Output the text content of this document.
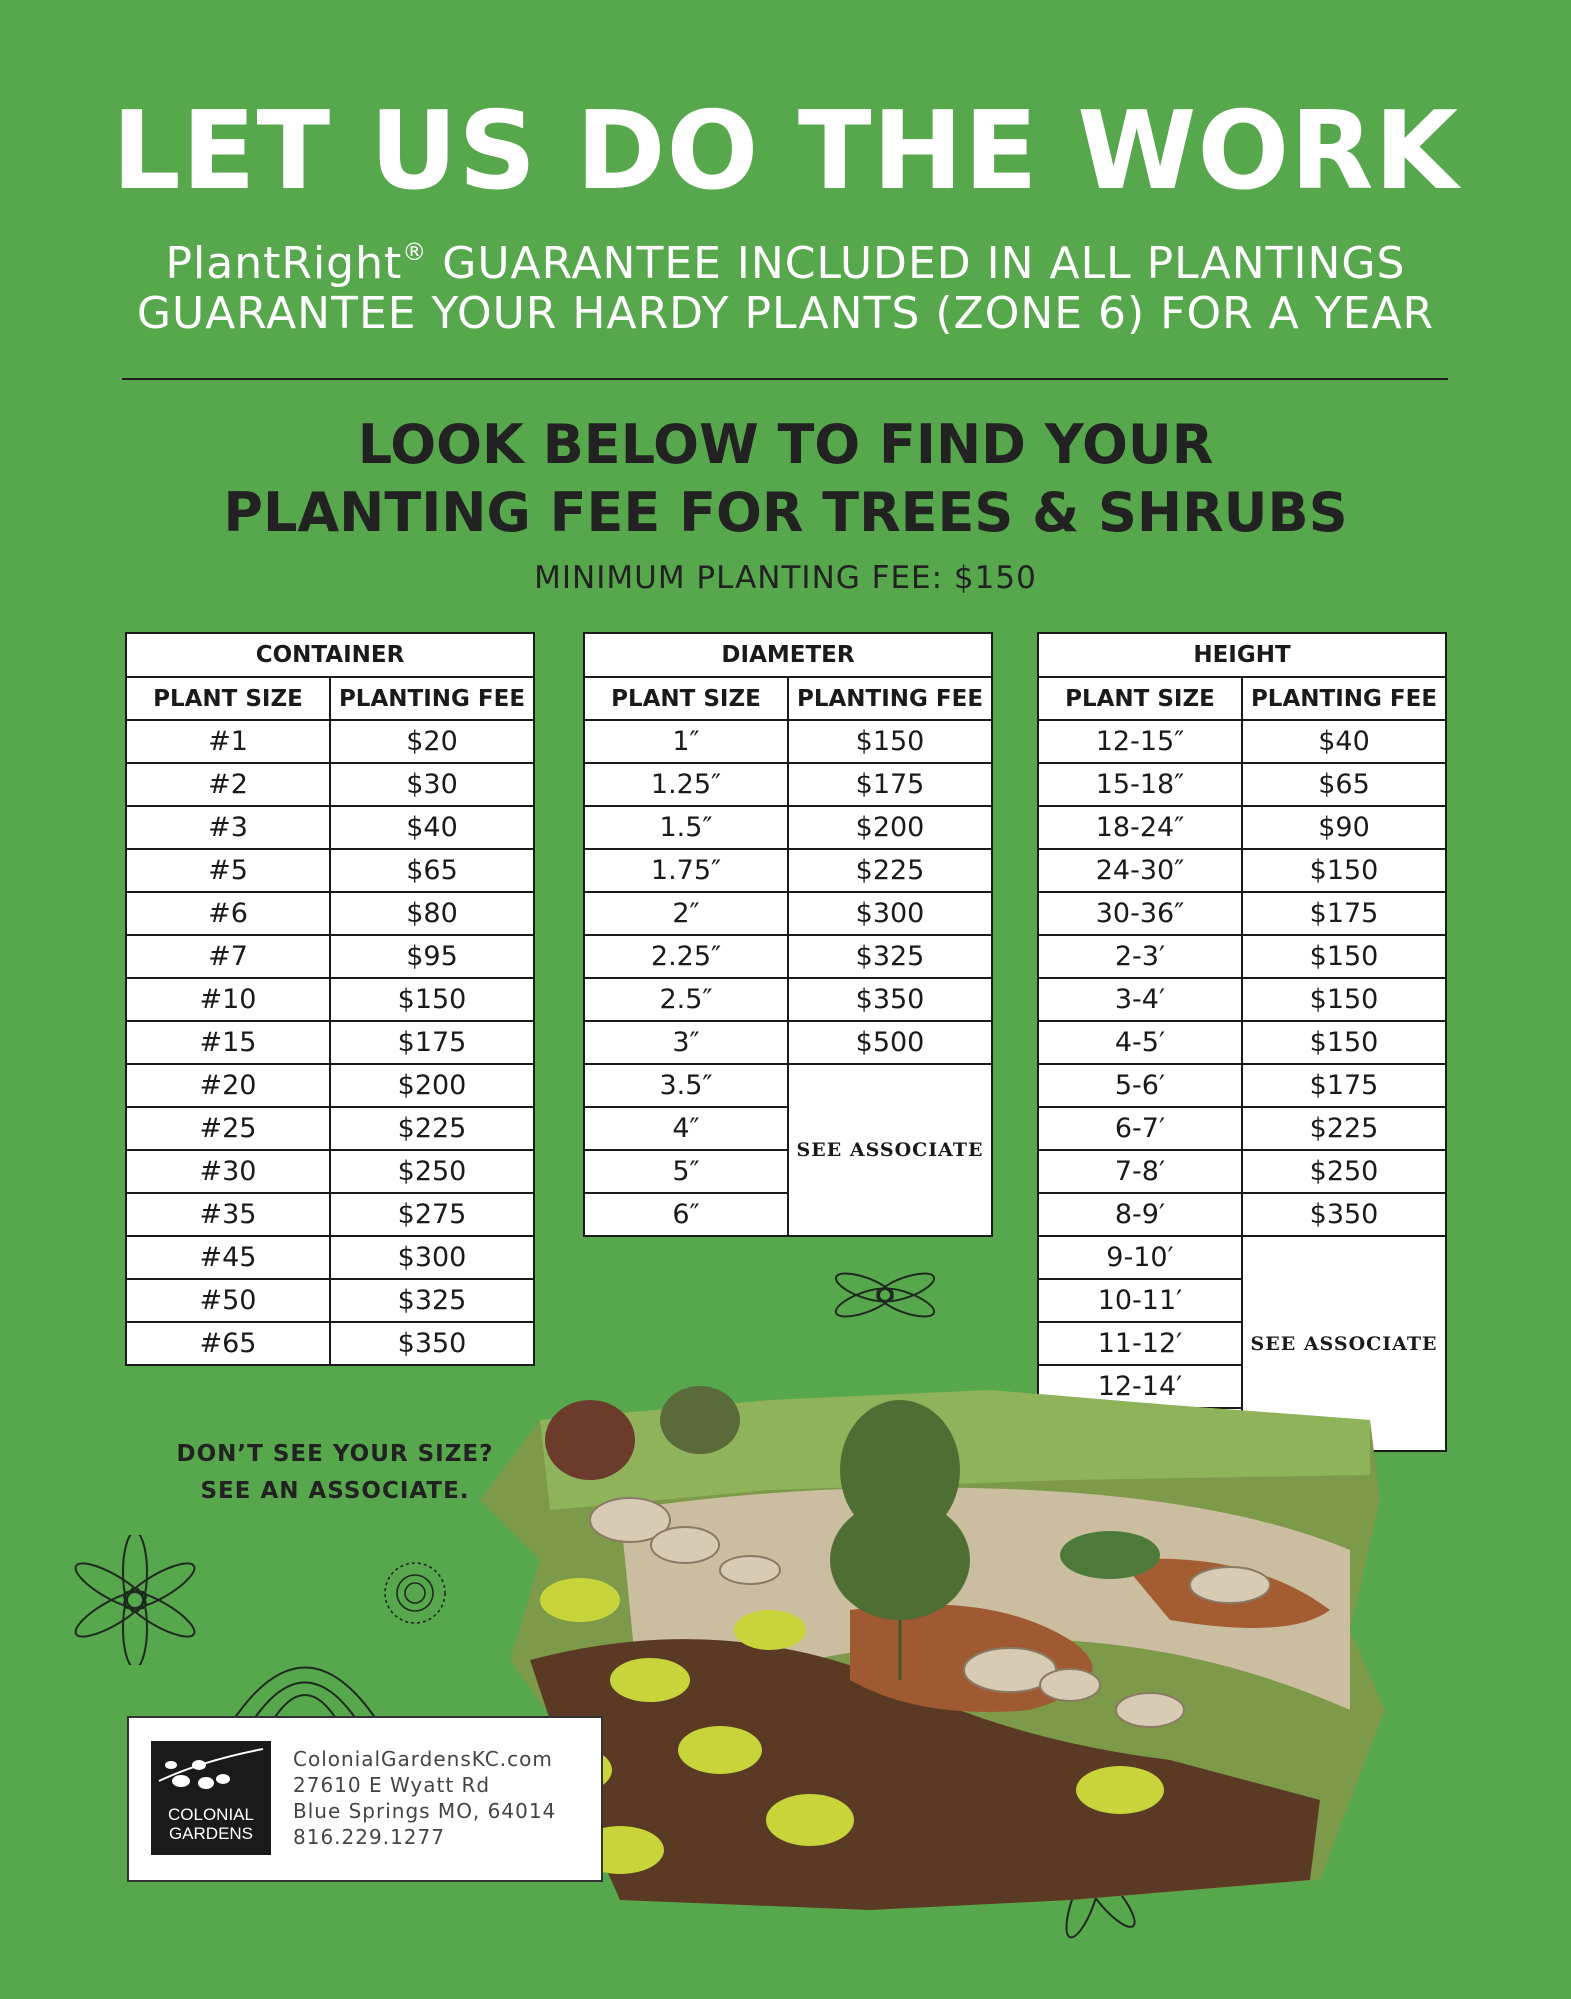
LET US DO THE WORK
PlantRight® GUARANTEE INCLUDED IN ALL PLANTINGS
GUARANTEE YOUR HARDY PLANTS (ZONE 6) FOR A YEAR
LOOK BELOW TO FIND YOUR
PLANTING FEE FOR TREES & SHRUBS
MINIMUM PLANTING FEE: $150
CONTAINER	
PLANT SIZE	PLANTING FEE
#1	$20
#2	$30
#3	$40
#5	$65
#6	$80
#7	$95
#10	$150
#15	$175
#20	$200
#25	$225
#30	$250
#35	$275
#45	$300
#50	$325
#65	$350
DIAMETER	
PLANT SIZE	PLANTING FEE
1″	$150
1.25″	$175
1.5″	$200
1.75″	$225
2″	$300
2.25″	$325
2.5″	$350
3″	$500
3.5″	SEE ASSOCIATE
4″	
5″	
6″	
HEIGHT	
PLANT SIZE	PLANTING FEE
12-15″	$40
15-18″	$65
18-24″	$90
24-30″	$150
30-36″	$175
2-3′	$150
3-4′	$150
4-5′	$150
5-6′	$175
6-7′	$225
7-8′	$250
8-9′	$350
9-10′	SEE ASSOCIATE
10-11′	
11-12′	
12-14′	

DON’T SEE YOUR SIZE?
SEE AN ASSOCIATE.
COLONIAL
GARDENS
ColonialGardensKC.com
27610 E Wyatt Rd
Blue Springs MO, 64014
816.229.1277
